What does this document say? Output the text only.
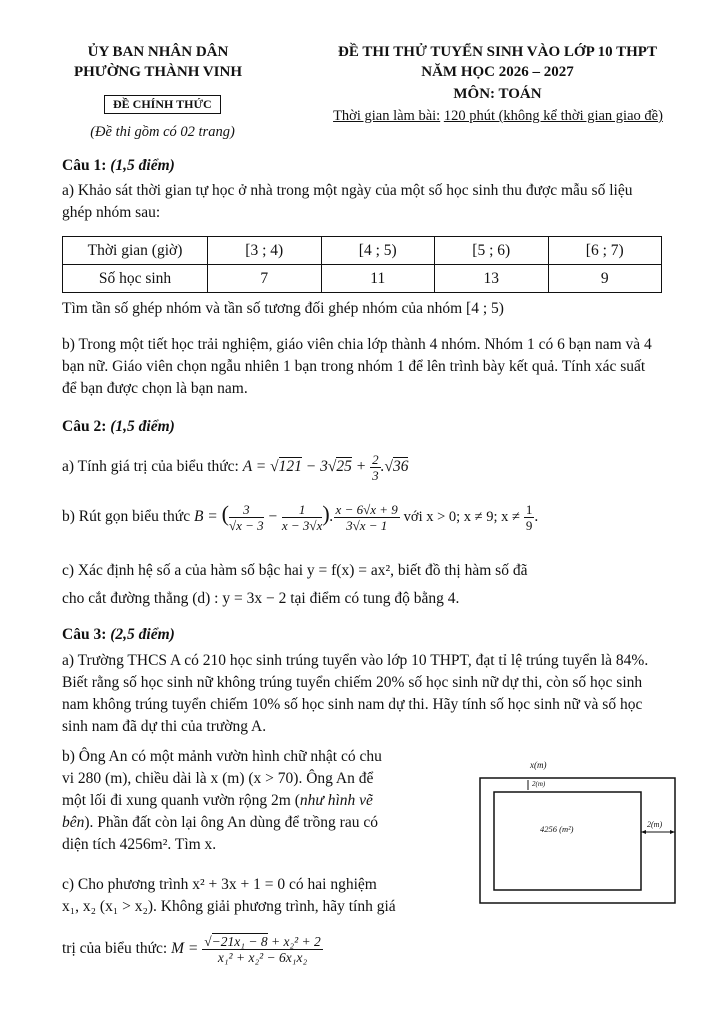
ỦY BAN NHÂN DÂN
PHƯỜNG THÀNH VINH
ĐỀ CHÍNH THỨC
(Đề thi gồm có 02 trang)
ĐỀ THI THỬ TUYỂN SINH VÀO LỚP 10 THPT
NĂM HỌC 2026 – 2027
MÔN: TOÁN
Thời gian làm bài: 120 phút (không kể thời gian giao đề)
Câu 1: (1,5 điểm)
a) Khảo sát thời gian tự học ở nhà trong một ngày của một số học sinh thu được mẫu số liệu ghép nhóm sau:
Thời gian (giờ)	[3 ; 4)	[4 ; 5)	[5 ; 6)	[6 ; 7)
Số học sinh	7	11	13	9
Tìm tần số ghép nhóm và tần số tương đối ghép nhóm của nhóm [4 ; 5)
b) Trong một tiết học trải nghiệm, giáo viên chia lớp thành 4 nhóm. Nhóm 1 có 6 bạn nam và 4 bạn nữ. Giáo viên chọn ngẫu nhiên 1 bạn trong nhóm 1 để lên trình bày kết quả. Tính xác suất để bạn được chọn là bạn nam.
Câu 2: (1,5 điểm)
a) Tính giá trị của biểu thức: $A = √121 - 3√25 + \frac{2}{3} .√36$
b) Rút gọn biểu thức B = ( $\frac{3}{√x - 3} - \frac{1}{x - 3√x}$ ). $\frac{x - 6√x + 9}{3√x - 1}$ với x > 0; x ≠ 9; $x \ne \frac{1}{9}$ .
c) Xác định hệ số a của hàm số bậc hai y = f(x) = ax², biết đồ thị hàm số đã
cho cắt đường thẳng (d) : y = 3x − 2 tại điểm có tung độ bằng 4.
Câu 3: (2,5 điểm)
a) Trường THCS A có 210 học sinh trúng tuyển vào lớp 10 THPT, đạt tỉ lệ trúng tuyển là 84%. Biết rằng số học sinh nữ không trúng tuyển chiếm 20% số học sinh nữ dự thi, còn số học sinh nam không trúng tuyển chiếm 10% số học sinh nam dự thi. Hãy tính số học sinh nữ và số học sinh nam đã dự thi của trường A.
b) Ông An có một mảnh vườn hình chữ nhật có chu
vi 280 (m), chiều dài là x (m) (x > 70). Ông An để
một lối đi xung quanh vườn rộng 2m (như hình vẽ
bên). Phần đất còn lại ông An dùng để trồng rau có
diện tích 4256m². Tìm x.
x(m)
2(m)
4256 (m²)	2(m)
c) Cho phương trình x² + 3x + 1 = 0 có hai nghiệm
x₁, x₂ (x₁ > x₂). Không giải phương trình, hãy tính giá
trị của biểu thức: $M = \frac{\text{√−21x₁ − 8 + x₂² + 2}}{\text{x₁² + x₂² − 6x₁x₂}}$
